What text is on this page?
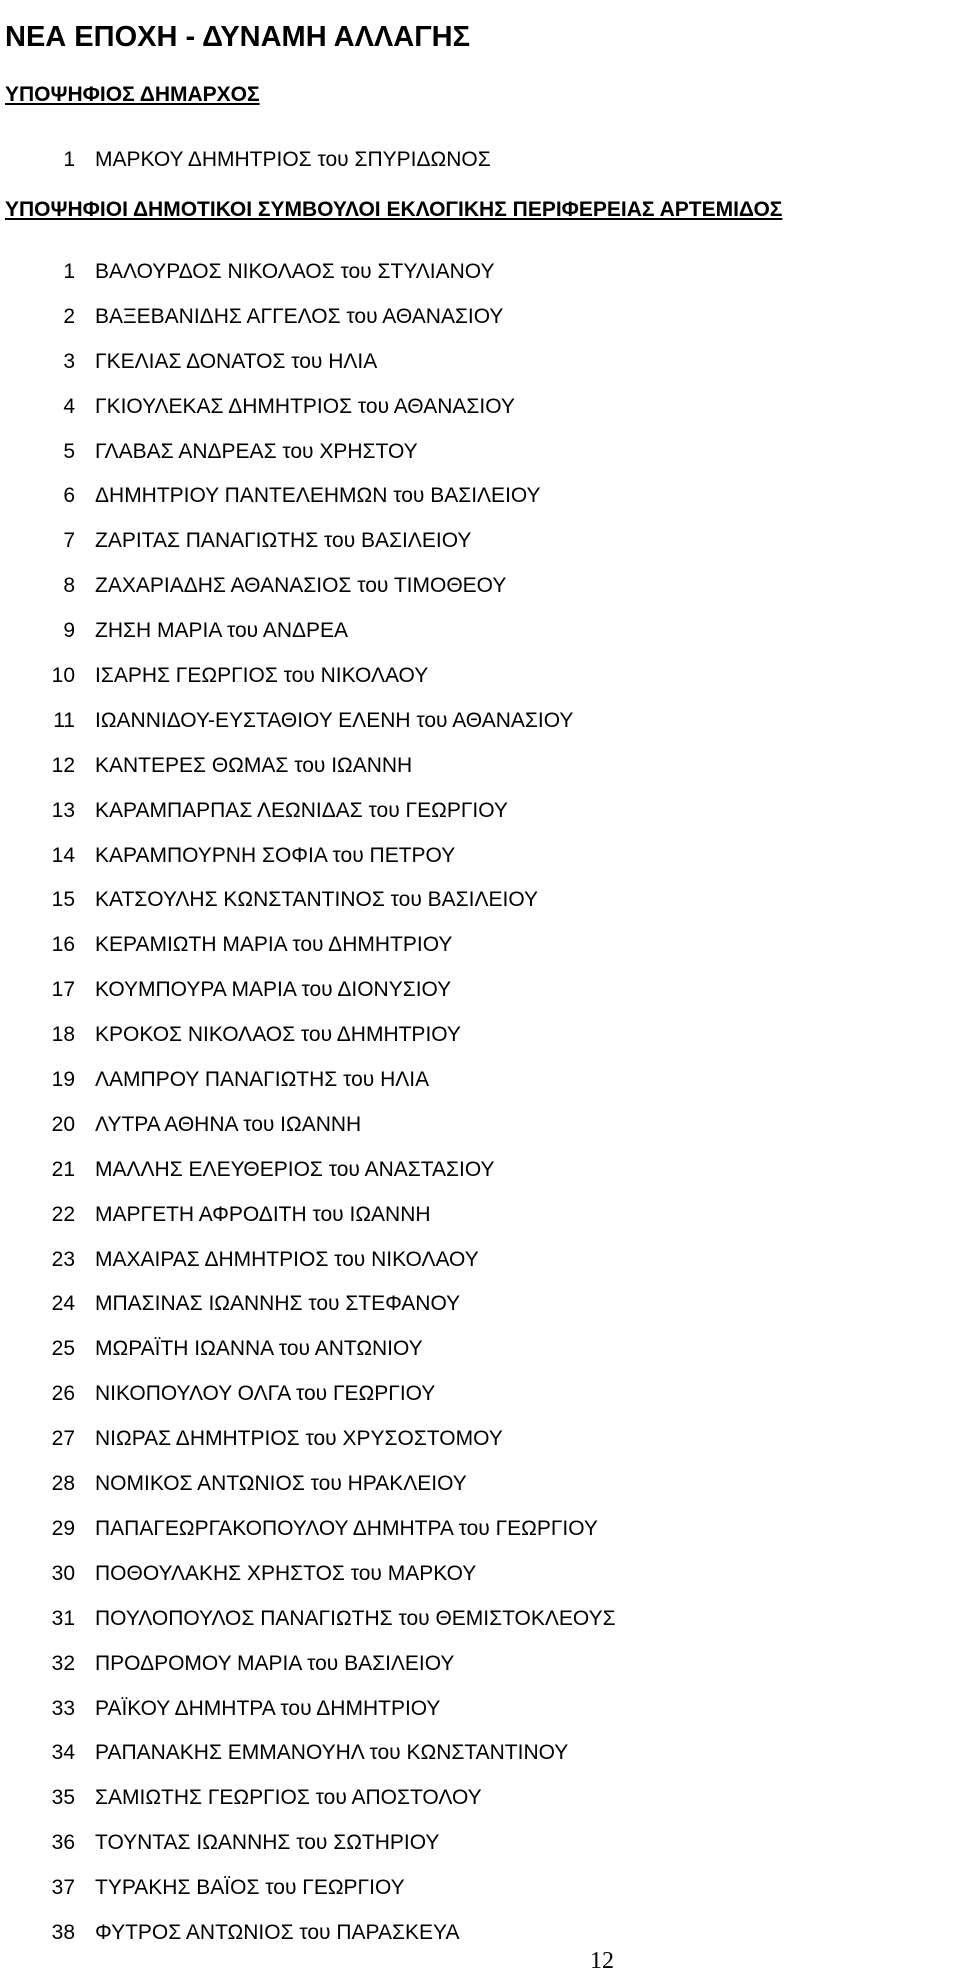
ΝΕΑ ΕΠΟΧΗ - ΔΥΝΑΜΗ ΑΛΛΑΓΗΣ
ΥΠΟΨΗΦΙΟΣ ΔΗΜΑΡΧΟΣ
1 ΜΑΡΚΟΥ ΔΗΜΗΤΡΙΟΣ του ΣΠΥΡΙΔΩΝΟΣ
ΥΠΟΨΗΦΙΟΙ ΔΗΜΟΤΙΚΟΙ ΣΥΜΒΟΥΛΟΙ ΕΚΛΟΓΙΚΗΣ ΠΕΡΙΦΕΡΕΙΑΣ ΑΡΤΕΜΙΔΟΣ
1 ΒΑΛΟΥΡΔΟΣ ΝΙΚΟΛΑΟΣ του ΣΤΥΛΙΑΝΟΥ
2 ΒΑΞΕΒΑΝΙΔΗΣ ΑΓΓΕΛΟΣ του ΑΘΑΝΑΣΙΟΥ
3 ΓΚΕΛΙΑΣ ΔΟΝΑΤΟΣ του ΗΛΙΑ
4 ΓΚΙΟΥΛΕΚΑΣ ΔΗΜΗΤΡΙΟΣ του ΑΘΑΝΑΣΙΟΥ
5 ΓΛΑΒΑΣ ΑΝΔΡΕΑΣ του ΧΡΗΣΤΟΥ
6 ΔΗΜΗΤΡΙΟΥ ΠΑΝΤΕΛΕΗΜΩΝ του ΒΑΣΙΛΕΙΟΥ
7 ΖΑΡΙΤΑΣ ΠΑΝΑΓΙΩΤΗΣ του ΒΑΣΙΛΕΙΟΥ
8 ΖΑΧΑΡΙΑΔΗΣ ΑΘΑΝΑΣΙΟΣ του ΤΙΜΟΘΕΟΥ
9 ΖΗΣΗ ΜΑΡΙΑ του ΑΝΔΡΕΑ
10 ΙΣΑΡΗΣ ΓΕΩΡΓΙΟΣ του ΝΙΚΟΛΑΟΥ
11 ΙΩΑΝΝΙΔΟΥ-ΕΥΣΤΑΘΙΟΥ ΕΛΕΝΗ του ΑΘΑΝΑΣΙΟΥ
12 ΚΑΝΤΕΡΕΣ ΘΩΜΑΣ του ΙΩΑΝΝΗ
13 ΚΑΡΑΜΠΑΡΠΑΣ ΛΕΩΝΙΔΑΣ του ΓΕΩΡΓΙΟΥ
14 ΚΑΡΑΜΠΟΥΡΝΗ ΣΟΦΙΑ του ΠΕΤΡΟΥ
15 ΚΑΤΣΟΥΛΗΣ ΚΩΝΣΤΑΝΤΙΝΟΣ του ΒΑΣΙΛΕΙΟΥ
16 ΚΕΡΑΜΙΩΤΗ ΜΑΡΙΑ του ΔΗΜΗΤΡΙΟΥ
17 ΚΟΥΜΠΟΥΡΑ ΜΑΡΙΑ του ΔΙΟΝΥΣΙΟΥ
18 ΚΡΟΚΟΣ ΝΙΚΟΛΑΟΣ του ΔΗΜΗΤΡΙΟΥ
19 ΛΑΜΠΡΟΥ ΠΑΝΑΓΙΩΤΗΣ του ΗΛΙΑ
20 ΛΥΤΡΑ ΑΘΗΝΑ του ΙΩΑΝΝΗ
21 ΜΑΛΛΗΣ ΕΛΕΥΘΕΡΙΟΣ του ΑΝΑΣΤΑΣΙΟΥ
22 ΜΑΡΓΕΤΗ ΑΦΡΟΔΙΤΗ του ΙΩΑΝΝΗ
23 ΜΑΧΑΙΡΑΣ ΔΗΜΗΤΡΙΟΣ του ΝΙΚΟΛΑΟΥ
24 ΜΠΑΣΙΝΑΣ ΙΩΑΝΝΗΣ του ΣΤΕΦΑΝΟΥ
25 ΜΩΡΑΪΤΗ ΙΩΑΝΝΑ του ΑΝΤΩΝΙΟΥ
26 ΝΙΚΟΠΟΥΛΟΥ ΟΛΓΑ του ΓΕΩΡΓΙΟΥ
27 ΝΙΩΡΑΣ ΔΗΜΗΤΡΙΟΣ του ΧΡΥΣΟΣΤΟΜΟΥ
28 ΝΟΜΙΚΟΣ ΑΝΤΩΝΙΟΣ του ΗΡΑΚΛΕΙΟΥ
29 ΠΑΠΑΓΕΩΡΓΑΚΟΠΟΥΛΟΥ ΔΗΜΗΤΡΑ του ΓΕΩΡΓΙΟΥ
30 ΠΟΘΟΥΛΑΚΗΣ ΧΡΗΣΤΟΣ του ΜΑΡΚΟΥ
31 ΠΟΥΛΟΠΟΥΛΟΣ ΠΑΝΑΓΙΩΤΗΣ του ΘΕΜΙΣΤΟΚΛΕΟΥΣ
32 ΠΡΟΔΡΟΜΟΥ ΜΑΡΙΑ του ΒΑΣΙΛΕΙΟΥ
33 ΡΑΪΚΟΥ ΔΗΜΗΤΡΑ του ΔΗΜΗΤΡΙΟΥ
34 ΡΑΠΑΝΑΚΗΣ ΕΜΜΑΝΟΥΗΛ του ΚΩΝΣΤΑΝΤΙΝΟΥ
35 ΣΑΜΙΩΤΗΣ ΓΕΩΡΓΙΟΣ του ΑΠΟΣΤΟΛΟΥ
36 ΤΟΥΝΤΑΣ ΙΩΑΝΝΗΣ του ΣΩΤΗΡΙΟΥ
37 ΤΥΡΑΚΗΣ ΒΑΪΟΣ του ΓΕΩΡΓΙΟΥ
38 ΦΥΤΡΟΣ ΑΝΤΩΝΙΟΣ του ΠΑΡΑΣΚΕΥΑ
12
